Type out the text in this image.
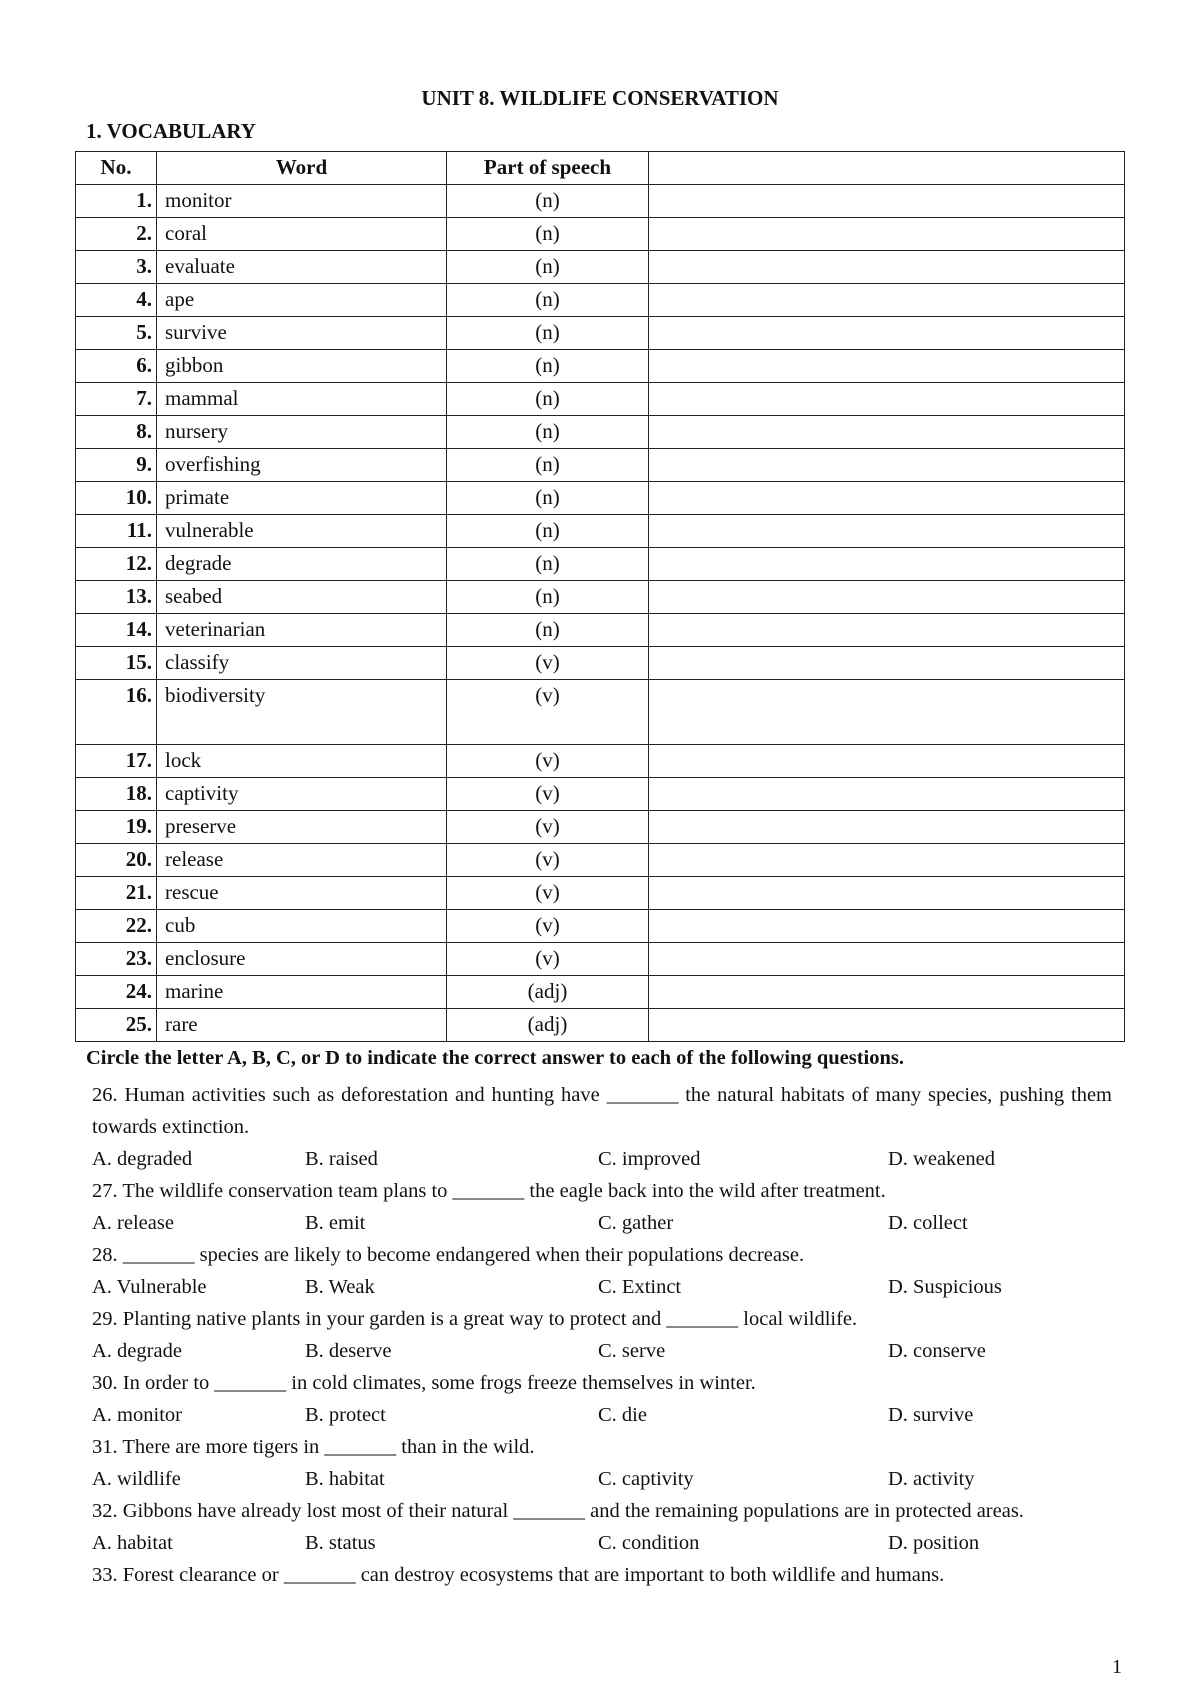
UNIT 8. WILDLIFE CONSERVATION
1. VOCABULARY
No.	Word	Part of speech	
1.	monitor	(n)	
2.	coral	(n)	
3.	evaluate	(n)	
4.	ape	(n)	
5.	survive	(n)	
6.	gibbon	(n)	
7.	mammal	(n)	
8.	nursery	(n)	
9.	overfishing	(n)	
10.	primate	(n)	
11.	vulnerable	(n)	
12.	degrade	(n)	
13.	seabed	(n)	
14.	veterinarian	(n)	
15.	classify	(v)	
16.	biodiversity	(v)	
17.	lock	(v)	
18.	captivity	(v)	
19.	preserve	(v)	
20.	release	(v)	
21.	rescue	(v)	
22.	cub	(v)	
23.	enclosure	(v)	
24.	marine	(adj)	
25.	rare	(adj)	
Circle the letter A, B, C, or D to indicate the correct answer to each of the following questions.
26. Human activities such as deforestation and hunting have _______ the natural habitats of many species, pushing them towards extinction.
A. degraded	B. raised	C. improved	D. weakened
27. The wildlife conservation team plans to _______ the eagle back into the wild after treatment.
A. release	B. emit	C. gather	D. collect
28. _______ species are likely to become endangered when their populations decrease.
A. Vulnerable	B. Weak	C. Extinct	D. Suspicious
29. Planting native plants in your garden is a great way to protect and _______ local wildlife.
A. degrade	B. deserve	C. serve	D. conserve
30. In order to _______ in cold climates, some frogs freeze themselves in winter.
A. monitor	B. protect	C. die	D. survive
31. There are more tigers in _______ than in the wild.
A. wildlife	B. habitat	C. captivity	D. activity
32. Gibbons have already lost most of their natural _______ and the remaining populations are in protected areas.
A. habitat	B. status	C. condition	D. position
33. Forest clearance or _______ can destroy ecosystems that are important to both wildlife and humans.
1
